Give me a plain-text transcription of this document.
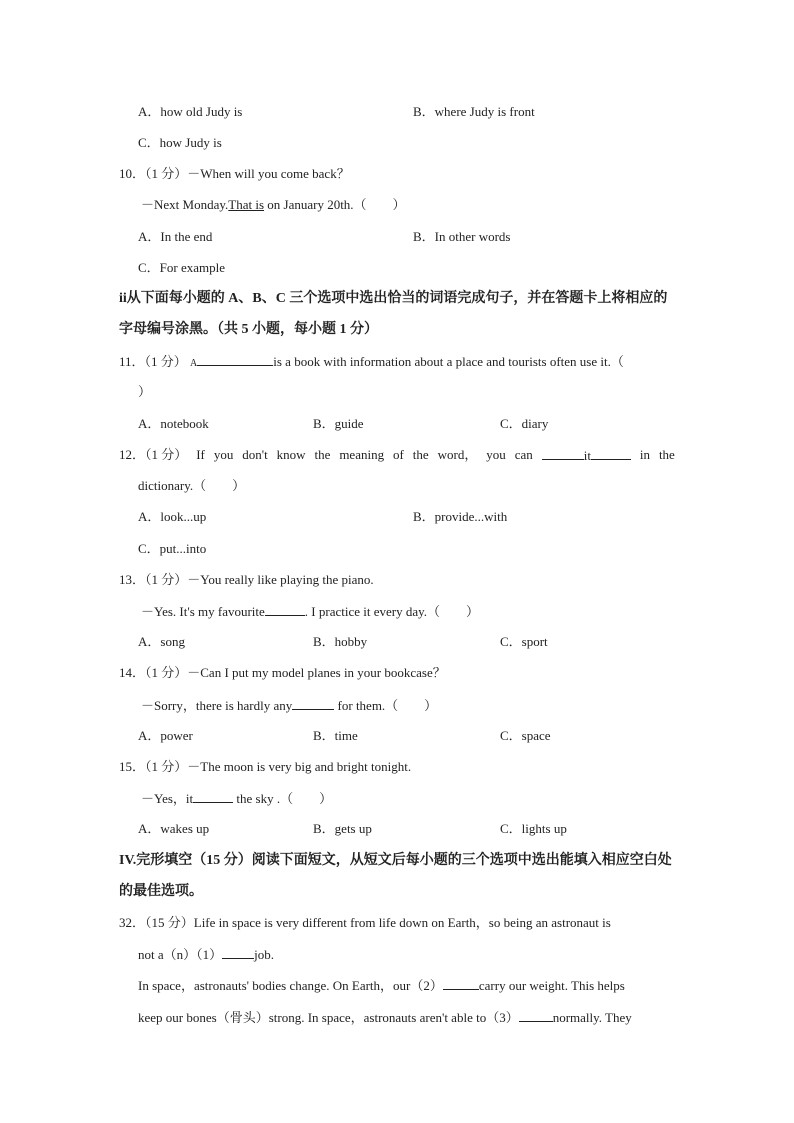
A．how old Judy is	B．where Judy is front
C．how Judy is
10．（1 分）－When will you come back？
－Next Monday.That is on January 20th.（　　）
A．In the end	B．In other words
C．For example
ii从下面每小题的 A、B、C 三个选项中选出恰当的词语完成句子，并在答题卡上将相应的
字母编号涂黑。（共 5 小题，每小题 1 分）
11．（1 分） A	is a book with information about a place and tourists often use it.（
）
A．notebook	B．guide	C．diary
12．（1 分） If you don't know the meaning of the word， you can	it	in the
dictionary.（　　）
A．look...up	B．provide...with
C．put...into
13．（1 分）－You really like playing the piano.
－Yes. It's my favourite	. I practice it every day.（　　）
A．song	B．hobby	C．sport
14．（1 分）－Can I put my model planes in your bookcase？
－Sorry，there is hardly any	for them.（　　）
A．power	B．time	C．space
15．（1 分）－The moon is very big and bright tonight.
－Yes，it	the sky .（　　）
A．wakes up	B．gets up	C．lights up
IV.完形填空（15 分）阅读下面短文，从短文后每小题的三个选项中选出能填入相应空白处
的最佳选项。
32．（15 分）Life in space is very different from life down on Earth，so being an astronaut is
not a（n）（1） job.
In space，astronauts' bodies change. On Earth，our（2）	carry our weight. This helps
keep our bones（骨头）strong. In space，astronauts aren't able to（3）	normally. They
